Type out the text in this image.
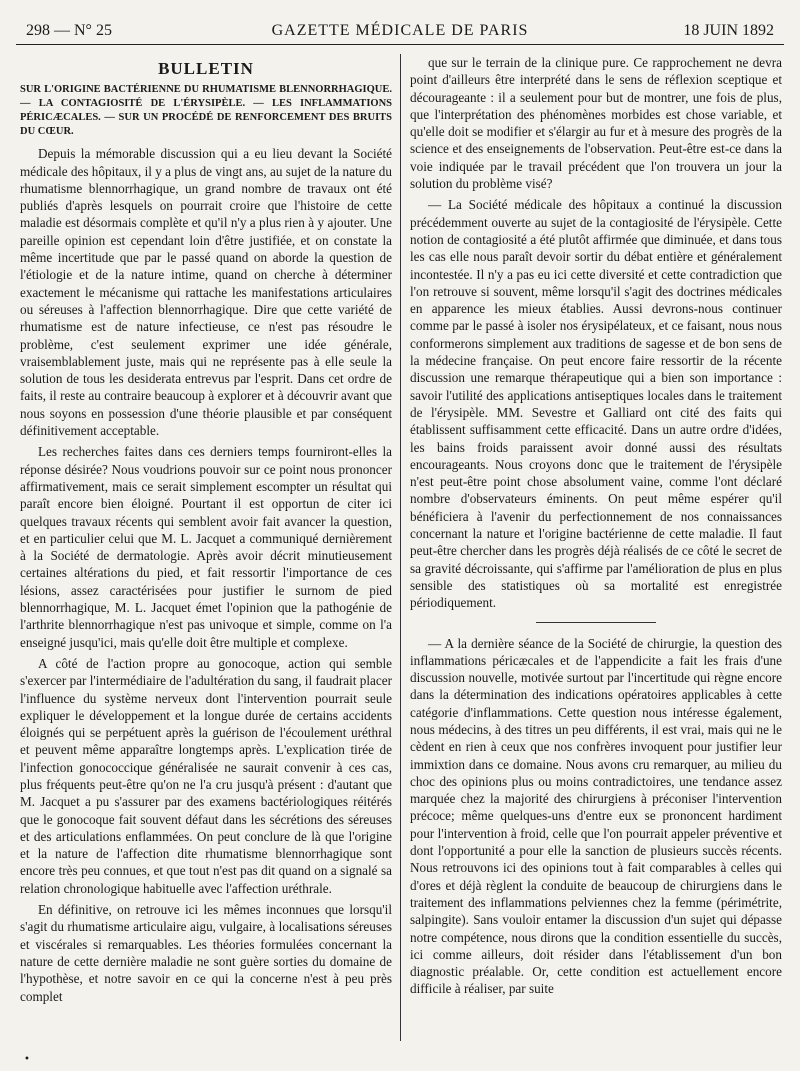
298 — N° 25	GAZETTE MÉDICALE DE PARIS	18 JUIN 1892
BULLETIN
SUR L'ORIGINE BACTÉRIENNE DU RHUMATISME BLENNORRHAGIQUE. — LA CONTAGIOSITÉ DE L'ÉRYSIPÈLE. — LES INFLAMMATIONS PÉRICÆCALES. — SUR UN PROCÉDÉ DE RENFORCEMENT DES BRUITS DU CŒUR.

Depuis la mémorable discussion qui a eu lieu devant la Société médicale des hôpitaux, il y a plus de vingt ans, au sujet de la nature du rhumatisme blennorrhagique, un grand nombre de travaux ont été publiés d'après lesquels on pourrait croire que l'histoire de cette maladie est désormais complète et qu'il n'y a plus rien à y ajouter. Une pareille opinion est cependant loin d'être justifiée, et on constate la même incertitude que par le passé quand on aborde la question de l'étiologie et de la nature intime, quand on cherche à déterminer exactement le mécanisme qui rattache les manifestations articulaires ou séreuses à l'affection blennorrhagique. Dire que cette variété de rhumatisme est de nature infectieuse, ce n'est pas résoudre le problème, c'est seulement exprimer une idée générale, vraisemblablement juste, mais qui ne représente pas à elle seule la solution de tous les desiderata entrevus par l'esprit. Dans cet ordre de faits, il reste au contraire beaucoup à explorer et à découvrir avant que nous soyons en possession d'une théorie plausible et par conséquent définitivement acceptable.

Les recherches faites dans ces derniers temps fourniront-elles la réponse désirée? Nous voudrions pouvoir sur ce point nous prononcer affirmativement, mais ce serait simplement escompter un résultat qui paraît encore bien éloigné. Pourtant il est opportun de citer ici quelques travaux récents qui semblent avoir fait avancer la question, et en particulier celui que M. L. Jacquet a communiqué dernièrement à la Société de dermatologie. Après avoir décrit minutieusement certaines altérations du pied, et fait ressortir l'importance de ces lésions, assez caractérisées pour justifier le surnom de pied blennorrhagique, M. L. Jacquet émet l'opinion que la pathogénie de l'arthrite blennorrhagique n'est pas univoque et simple, comme on l'a enseigné jusqu'ici, mais qu'elle doit être multiple et complexe.

A côté de l'action propre au gonocoque, action qui semble s'exercer par l'intermédiaire de l'adultération du sang, il faudrait placer l'influence du système nerveux dont l'intervention pourrait seule expliquer le développement et la longue durée de certains accidents éloignés qui se perpétuent après la guérison de l'écoulement uréthral et peuvent même apparaître longtemps après. L'explication tirée de l'infection gonococcique généralisée ne saurait convenir à ces cas, plus fréquents peut-être qu'on ne l'a cru jusqu'à présent : d'autant que M. Jacquet a pu s'assurer par des examens bactériologiques réitérés que le gonocoque fait souvent défaut dans les sécrétions des séreuses et des articulations enflammées. On peut conclure de là que l'origine et la nature de l'affection dite rhumatisme blennorrhagique sont encore très peu connues, et que tout n'est pas dit quand on a signalé sa relation chronologique habituelle avec l'affection uréthrale.

En définitive, on retrouve ici les mêmes inconnues que lorsqu'il s'agit du rhumatisme articulaire aigu, vulgaire, à localisations séreuses et viscérales si remarquables. Les théories formulées concernant la nature de cette dernière maladie ne sont guère sorties du domaine de l'hypothèse, et notre savoir en ce qui la concerne n'est à peu près complet

que sur le terrain de la clinique pure. Ce rapprochement ne devra point d'ailleurs être interprété dans le sens de réflexion sceptique et décourageante : il a seulement pour but de montrer, une fois de plus, que l'interprétation des phénomènes morbides est chose variable, et qu'elle doit se modifier et s'élargir au fur et à mesure des progrès de la science et des enseignements de l'observation. Peut-être est-ce dans la voie indiquée par le travail précédent que l'on trouvera un jour la solution du problème visé?

— La Société médicale des hôpitaux a continué la discussion précédemment ouverte au sujet de la contagiosité de l'érysipèle. Cette notion de contagiosité a été plutôt affirmée que diminuée, et dans tous les cas elle nous paraît devoir sortir du débat entière et généralement incontestée. Il n'y a pas eu ici cette diversité et cette contradiction que l'on retrouve si souvent, même lorsqu'il s'agit des doctrines médicales en apparence les mieux établies. Aussi devrons-nous continuer comme par le passé à isoler nos érysipélateux, et ce faisant, nous nous conformerons simplement aux traditions de sagesse et de bon sens de la médecine française. On peut encore faire ressortir de la récente discussion une remarque thérapeutique qui a bien son importance : savoir l'utilité des applications antiseptiques locales dans le traitement de l'érysipèle. MM. Sevestre et Galliard ont cité des faits qui établissent suffisamment cette efficacité. Dans un autre ordre d'idées, les bains froids paraissent avoir donné aussi des résultats encourageants. Nous croyons donc que le traitement de l'érysipèle n'est peut-être point chose absolument vaine, comme l'ont déclaré nombre d'observateurs éminents. On peut même espérer qu'il bénéficiera à l'avenir du perfectionnement de nos connaissances concernant la nature et l'origine bactérienne de cette maladie. Il faut peut-être chercher dans les progrès déjà réalisés de ce côté le secret de sa gravité décroissante, qui s'affirme par l'amélioration de plus en plus sensible des statistiques où sa mortalité est enregistrée périodiquement.

— A la dernière séance de la Société de chirurgie, la question des inflammations péricæcales et de l'appendicite a fait les frais d'une discussion nouvelle, motivée surtout par l'incertitude qui règne encore dans la détermination des indications opératoires applicables à cette catégorie d'inflammations. Cette question nous intéresse également, nous médecins, à des titres un peu différents, il est vrai, mais qui ne le cèdent en rien à ceux que nos confrères invoquent pour justifier leur immixtion dans ce domaine. Nous avons cru remarquer, au milieu du choc des opinions plus ou moins contradictoires, une tendance assez marquée chez la majorité des chirurgiens à préconiser l'intervention précoce; même quelques-uns d'entre eux se prononcent hardiment pour l'intervention à froid, celle que l'on pourrait appeler préventive et dont l'opportunité a pour elle la sanction de plusieurs succès récents. Nous retrouvons ici des opinions tout à fait comparables à celles qui d'ores et déjà règlent la conduite de beaucoup de chirurgiens dans le traitement des inflammations pelviennes chez la femme (périmétrite, salpingite). Sans vouloir entamer la discussion d'un sujet qui dépasse notre compétence, nous dirons que la condition essentielle du succès, ici comme ailleurs, doit résider dans l'établissement d'un bon diagnostic préalable. Or, cette condition est actuellement encore difficile à réaliser, par suite

•
